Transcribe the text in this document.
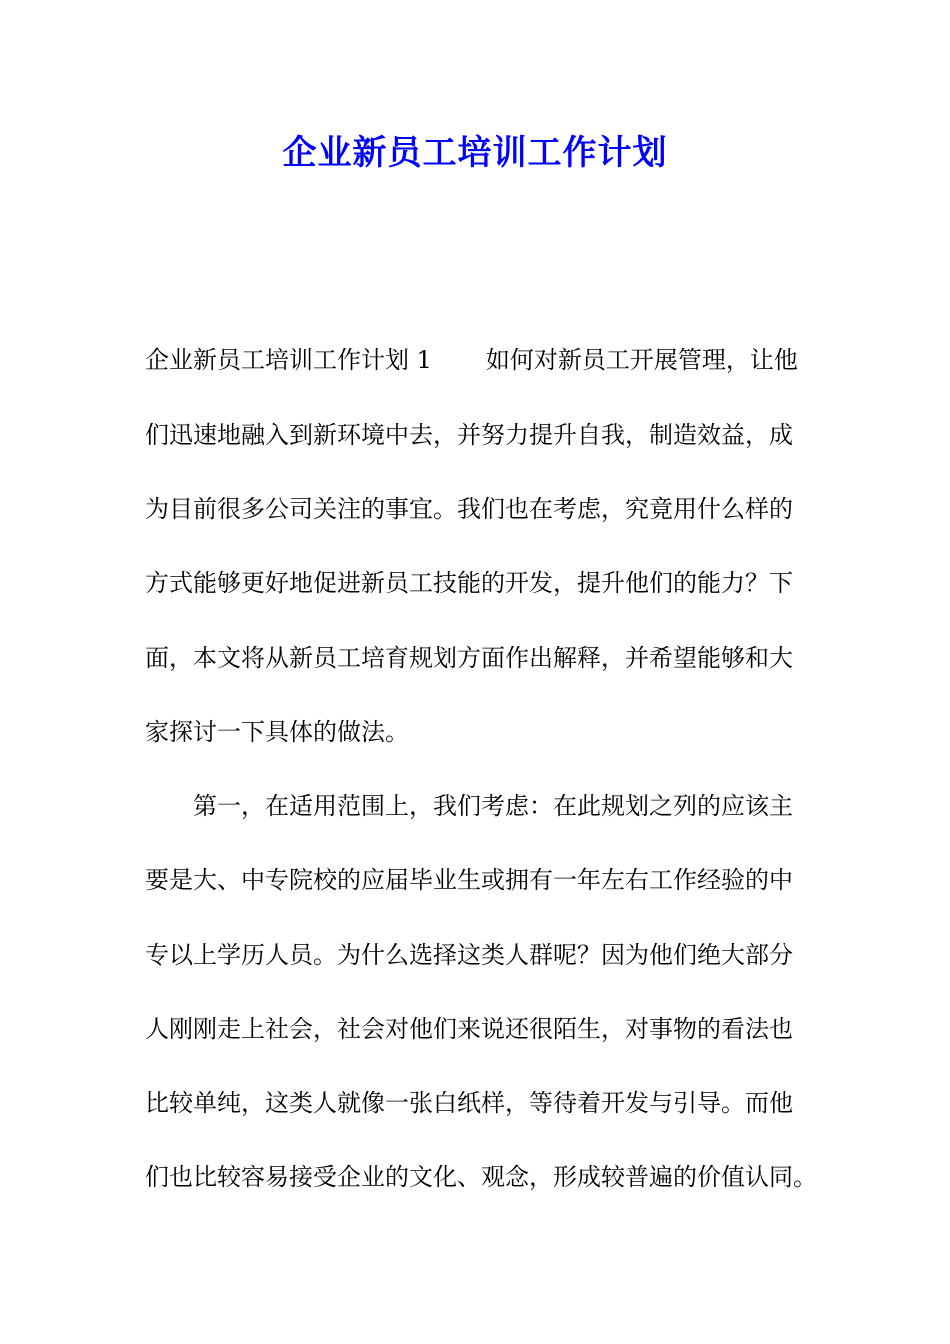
企业新员工培训工作计划
企业新员工培训工作计划 1 如何对新员工开展管理，让他
们迅速地融入到新环境中去，并努力提升自我，制造效益，成
为目前很多公司关注的事宜。我们也在考虑，究竟用什么样的
方式能够更好地促进新员工技能的开发，提升他们的能力？下
面，本文将从新员工培育规划方面作出解释，并希望能够和大
家探讨一下具体的做法。
第一，在适用范围上，我们考虑：在此规划之列的应该主
要是大、中专院校的应届毕业生或拥有一年左右工作经验的中
专以上学历人员。为什么选择这类人群呢？因为他们绝大部分
人刚刚走上社会，社会对他们来说还很陌生，对事物的看法也
比较单纯，这类人就像一张白纸样，等待着开发与引导。而他
们也比较容易接受企业的文化、观念，形成较普遍的价值认同。
